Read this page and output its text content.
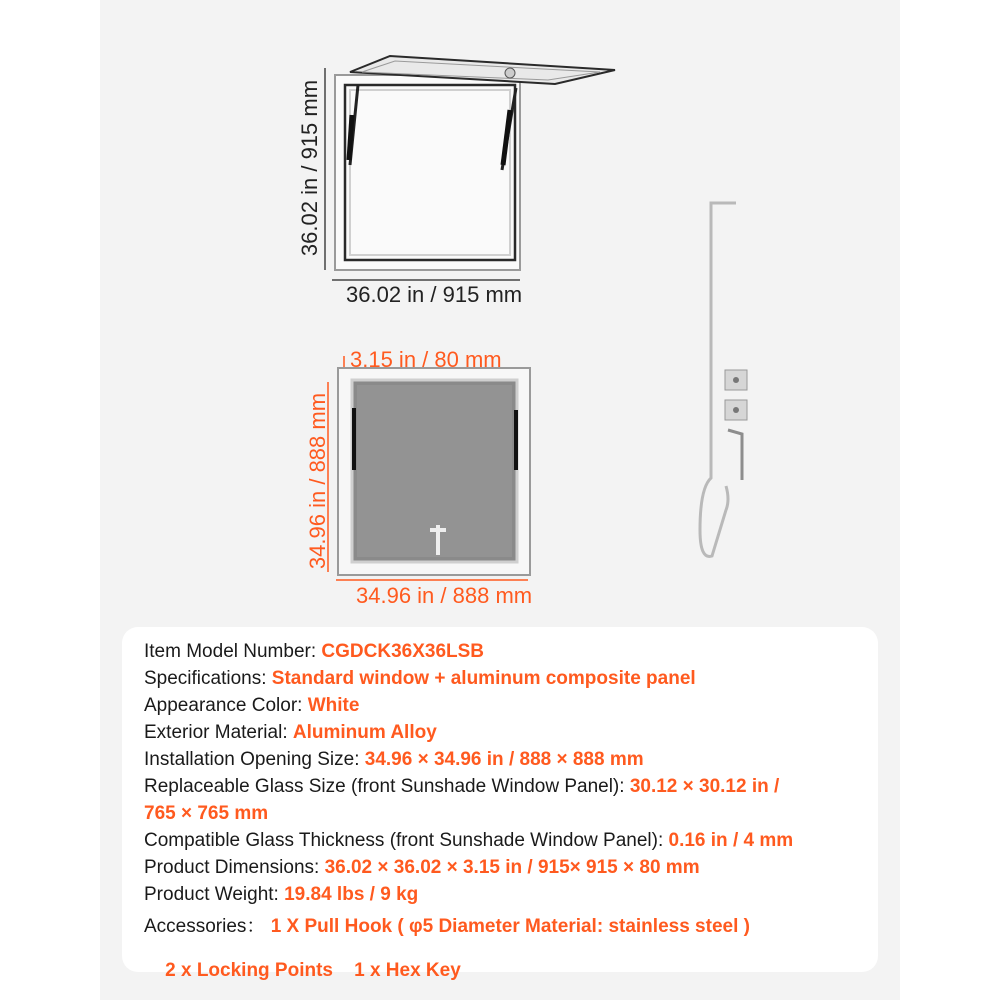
36.02 in / 915 mm
36.02 in / 915 mm
3.15 in / 80 mm
34.96 in / 888 mm
34.96 in / 888 mm
Item Model Number: CGDCK36X36LSB
Specifications: Standard window + aluminum composite panel
Appearance Color: White
Exterior Material: Aluminum Alloy
Installation Opening Size: 34.96 × 34.96 in / 888 × 888 mm
Replaceable Glass Size (front Sunshade Window Panel): 30.12 × 30.12 in /
765 × 765 mm
Compatible Glass Thickness (front Sunshade Window Panel): 0.16 in / 4 mm
Product Dimensions: 36.02 × 36.02 × 3.15 in / 915× 915 × 80 mm
Product Weight: 19.84 lbs / 9 kg
Accessories： 1 X Pull Hook ( φ5 Diameter Material: stainless steel )

2 x Locking Points    1 x Hex Key
